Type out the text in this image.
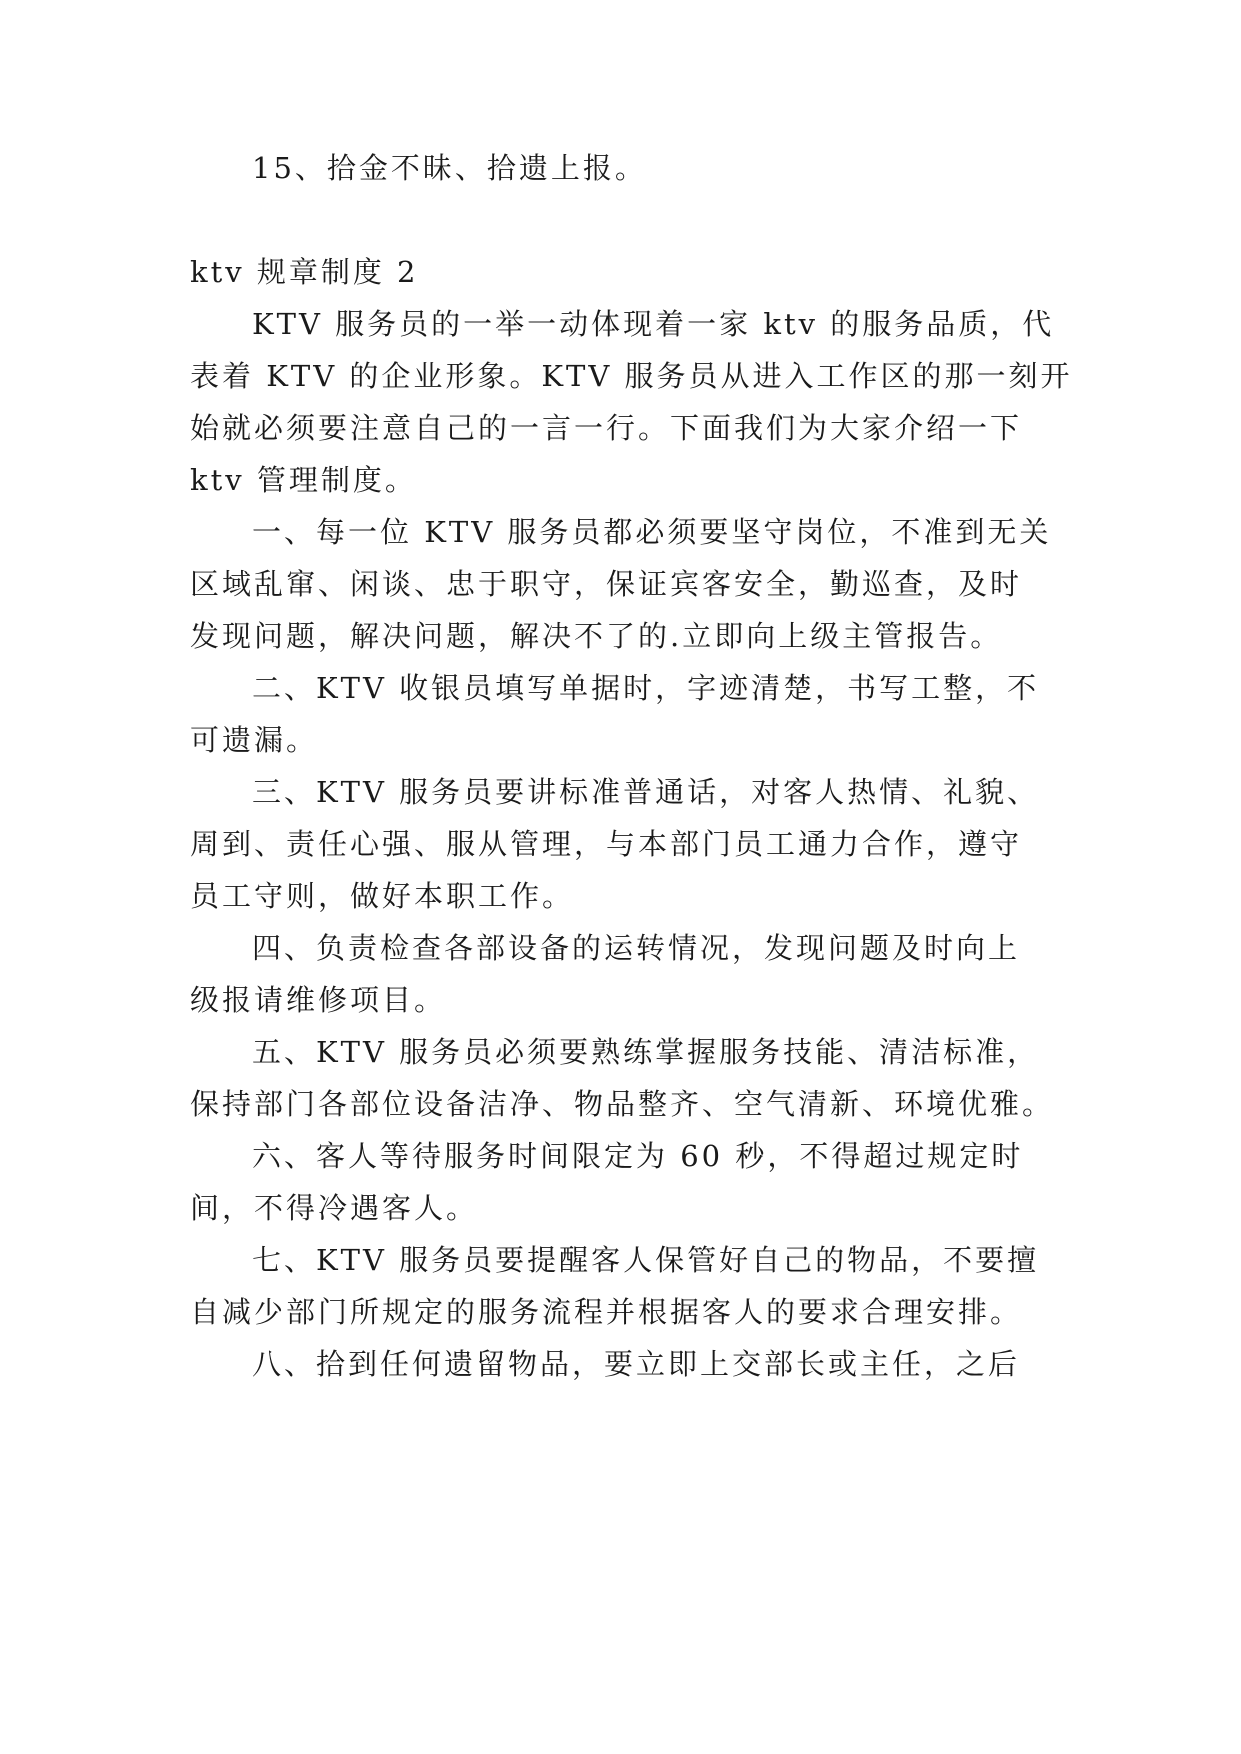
15、拾金不昧、拾遗上报。
ktv 规章制度 2
KTV 服务员的一举一动体现着一家 ktv 的服务品质，代
表着 KTV 的企业形象。KTV 服务员从进入工作区的那一刻开
始就必须要注意自己的一言一行。下面我们为大家介绍一下
ktv 管理制度。
一、每一位 KTV 服务员都必须要坚守岗位，不准到无关
区域乱窜、闲谈、忠于职守，保证宾客安全，勤巡查，及时
发现问题，解决问题，解决不了的.立即向上级主管报告。
二、KTV 收银员填写单据时，字迹清楚，书写工整，不
可遗漏。
三、KTV 服务员要讲标准普通话，对客人热情、礼貌、
周到、责任心强、服从管理，与本部门员工通力合作，遵守
员工守则，做好本职工作。
四、负责检查各部设备的运转情况，发现问题及时向上
级报请维修项目。
五、KTV 服务员必须要熟练掌握服务技能、清洁标准，
保持部门各部位设备洁净、物品整齐、空气清新、环境优雅。
六、客人等待服务时间限定为 60 秒，不得超过规定时
间，不得冷遇客人。
七、KTV 服务员要提醒客人保管好自己的物品，不要擅
自减少部门所规定的服务流程并根据客人的要求合理安排。
八、拾到任何遗留物品，要立即上交部长或主任，之后
